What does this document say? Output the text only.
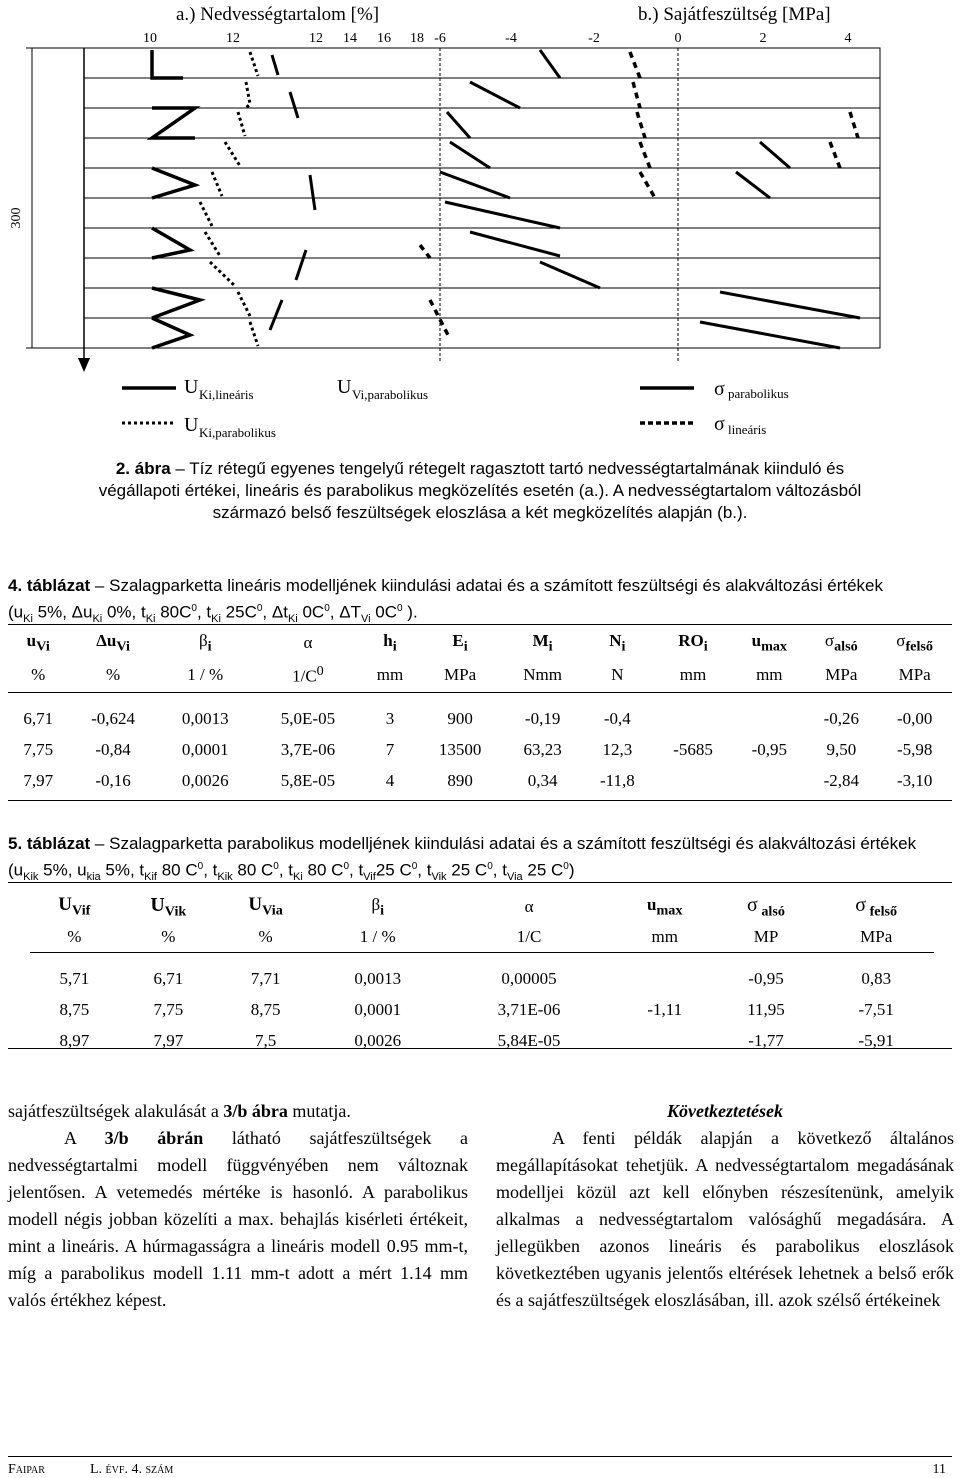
a.) Nedvességtartalom [%]	b.) Sajátfeszültség [MPa]
10	12	12 14 16 18 -6	-4	-2	0	2	4
300
U Ki,lineáris	U Vi,parabolikus
U Ki,parabolikus
σ parabolikus
σ lineáris
2. ábra – Tíz rétegű egyenes tengelyű rétegelt ragasztott tartó nedvességtartalmának kiinduló és végállapoti értékei, lineáris és parabolikus megközelítés esetén (a.). A nedvességtartalom változásból származó belső feszültségek eloszlása a két megközelítés alapján (b.).
4. táblázat – Szalagparketta lineáris modelljének kiindulási adatai és a számított feszültségi és alakváltozási értékek
($u_{Ki}$ 5%, $\Delta u_{Ki}$ 0%, $t_{Ki}$ $80C^0$, $t_{Ki}$ $25C^0$, $\Delta t_{Ki}$ $0C^0$, $\Delta T_{Vi}$ $0C^0$ ).
$u_{Vi}$	$\Delta u_{Vi}$	$\beta_i$	α	$h_i$	$E_i$	$M_i$	$N_i$	$RO_i$	$u_{max}$	$\sigma_{alsó}$	$\sigma_{felső}$
%	%	1 / %	$1/C^0$	mm	MPa	Nmm	N	mm	mm	MPa	MPa

6,71	-0,624	0,0013	5,0E-05	3	900	-0,19	-0,4			-0,26	-0,00
7,75	-0,84	0,0001	3,7E-06	7	13500	63,23	12,3	-5685	-0,95	9,50	-5,98
7,97	-0,16	0,0026	5,8E-05	4	890	0,34	-11,8			-2,84	-3,10
5. táblázat – Szalagparketta parabolikus modelljének kiindulási adatai és a számított feszültségi és alakváltozási értékek
($u_{Kik}$ 5%, $u_{kia}$ 5%, $t_{Kif}$ 80 $C^0$, $t_{Kik}$ 80 $C^0$, $t_{Ki}$ 80 $C^0$, $t_{Vif}25$ $C^0$, $t_{Vik}$ 25 $C^0$, $t_{Via}$ 25 $C^0$)
$U_{Vif}$	$U_{Vik}$	$U_{Via}$	$\beta_i$	α	$u_{max}$	σ $_{alsó}$	σ $_{felső}$
%	%	%	1 / %	1/C	mm	MP	MPa

5,71	6,71	7,71	0,0013	0,00005		-0,95	0,83
8,75	7,75	8,75	0,0001	3,71E-06	-1,11	11,95	-7,51
8,97	7,97	7,5	0,0026	5,84E-05		-1,77	-5,91

sajátfeszültségek alakulását a 3/b ábra mutatja.

A 3/b ábrán látható sajátfeszültségek a nedvességtartalmi modell függvényében nem változnak jelentősen. A vetemedés mértéke is hasonló. A parabolikus modell négis jobban közelíti a max. behajlás kisérleti értékeit, mint a lineáris. A húrmagasságra a lineáris modell 0.95 mm-t, míg a parabolikus modell 1.11 mm-t adott a mért 1.14 mm valós értékhez képest.

Következtetések

A fenti példák alapján a következő általános megállapításokat tehetjük. A nedvességtartalom megadásának modelljei közül azt kell előnyben részesítenünk, amelyik alkalmas a nedvességtartalom valósághű megadására. A jellegükben azonos lineáris és parabolikus eloszlások következtében ugyanis jelentős eltérések lehetnek a belső erők és a sajátfeszültségek eloszlásában, ill. azok szélső értékeinek

Faipar	L. évf. 4. szám	11
